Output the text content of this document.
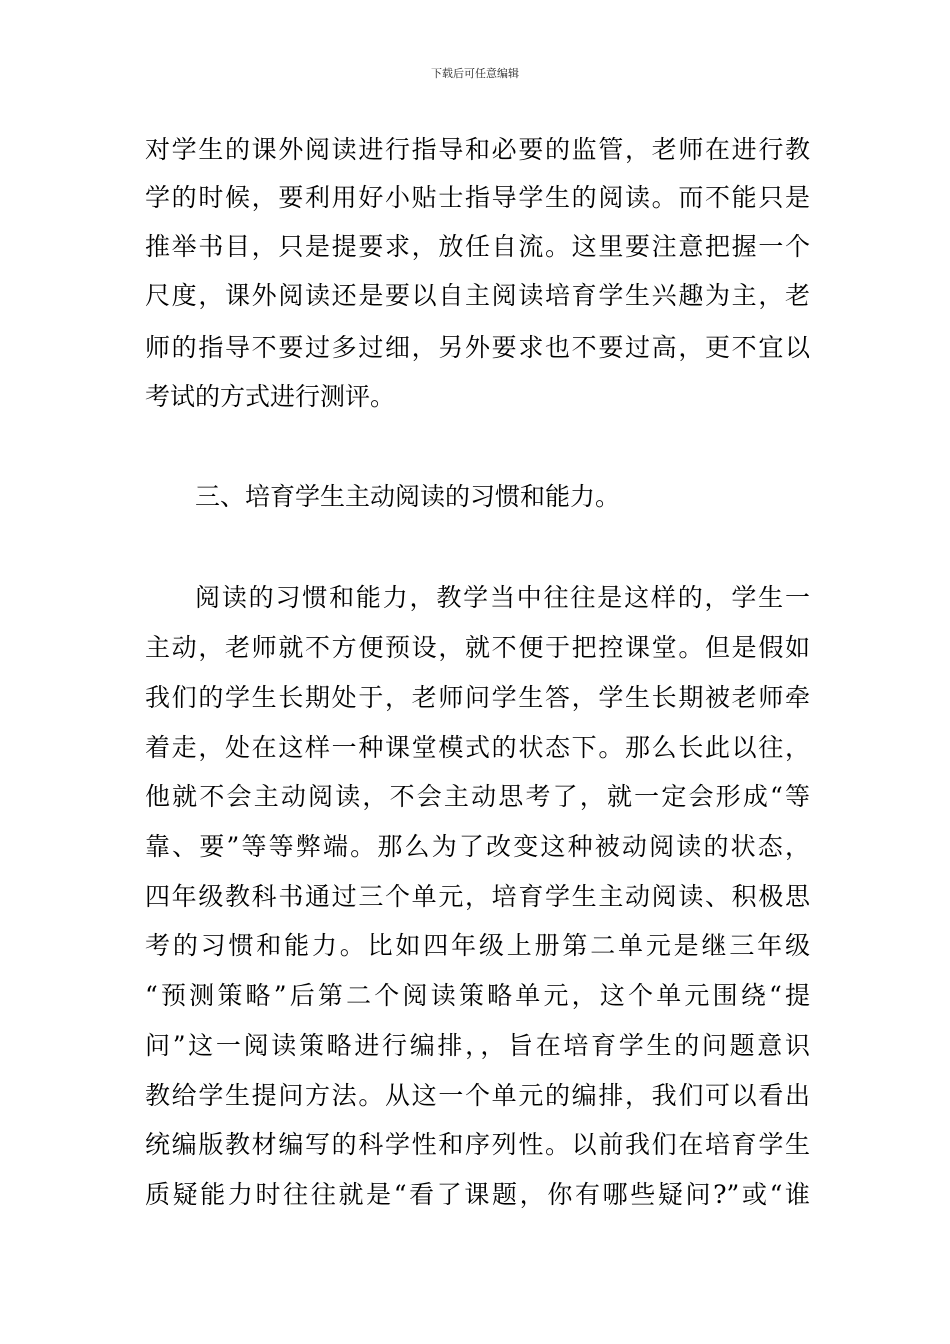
下载后可任意编辑
对学生的课外阅读进行指导和必要的监管，老师在进行教
学的时候，要利用好小贴士指导学生的阅读。而不能只是
推举书目，只是提要求，放任自流。这里要注意把握一个
尺度，课外阅读还是要以自主阅读培育学生兴趣为主，老
师的指导不要过多过细，另外要求也不要过高，更不宜以
考试的方式进行测评。
三、培育学生主动阅读的习惯和能力。
阅读的习惯和能力，教学当中往往是这样的，学生一
主动，老师就不方便预设，就不便于把控课堂。但是假如
我们的学生长期处于，老师问学生答，学生长期被老师牵
着走，处在这样一种课堂模式的状态下。那么长此以往，
他就不会主动阅读，不会主动思考了，就一定会形成“等
靠、要”等等弊端。那么为了改变这种被动阅读的状态，
四年级教科书通过三个单元，培育学生主动阅读、积极思
考的习惯和能力。比如四年级上册第二单元是继三年级
“预测策略”后第二个阅读策略单元，这个单元围绕“提
问”这一阅读策略进行编排，，旨在培育学生的问题意识
教给学生提问方法。从这一个单元的编排，我们可以看出
统编版教材编写的科学性和序列性。以前我们在培育学生
质疑能力时往往就是“看了课题，你有哪些疑问?”或“谁
